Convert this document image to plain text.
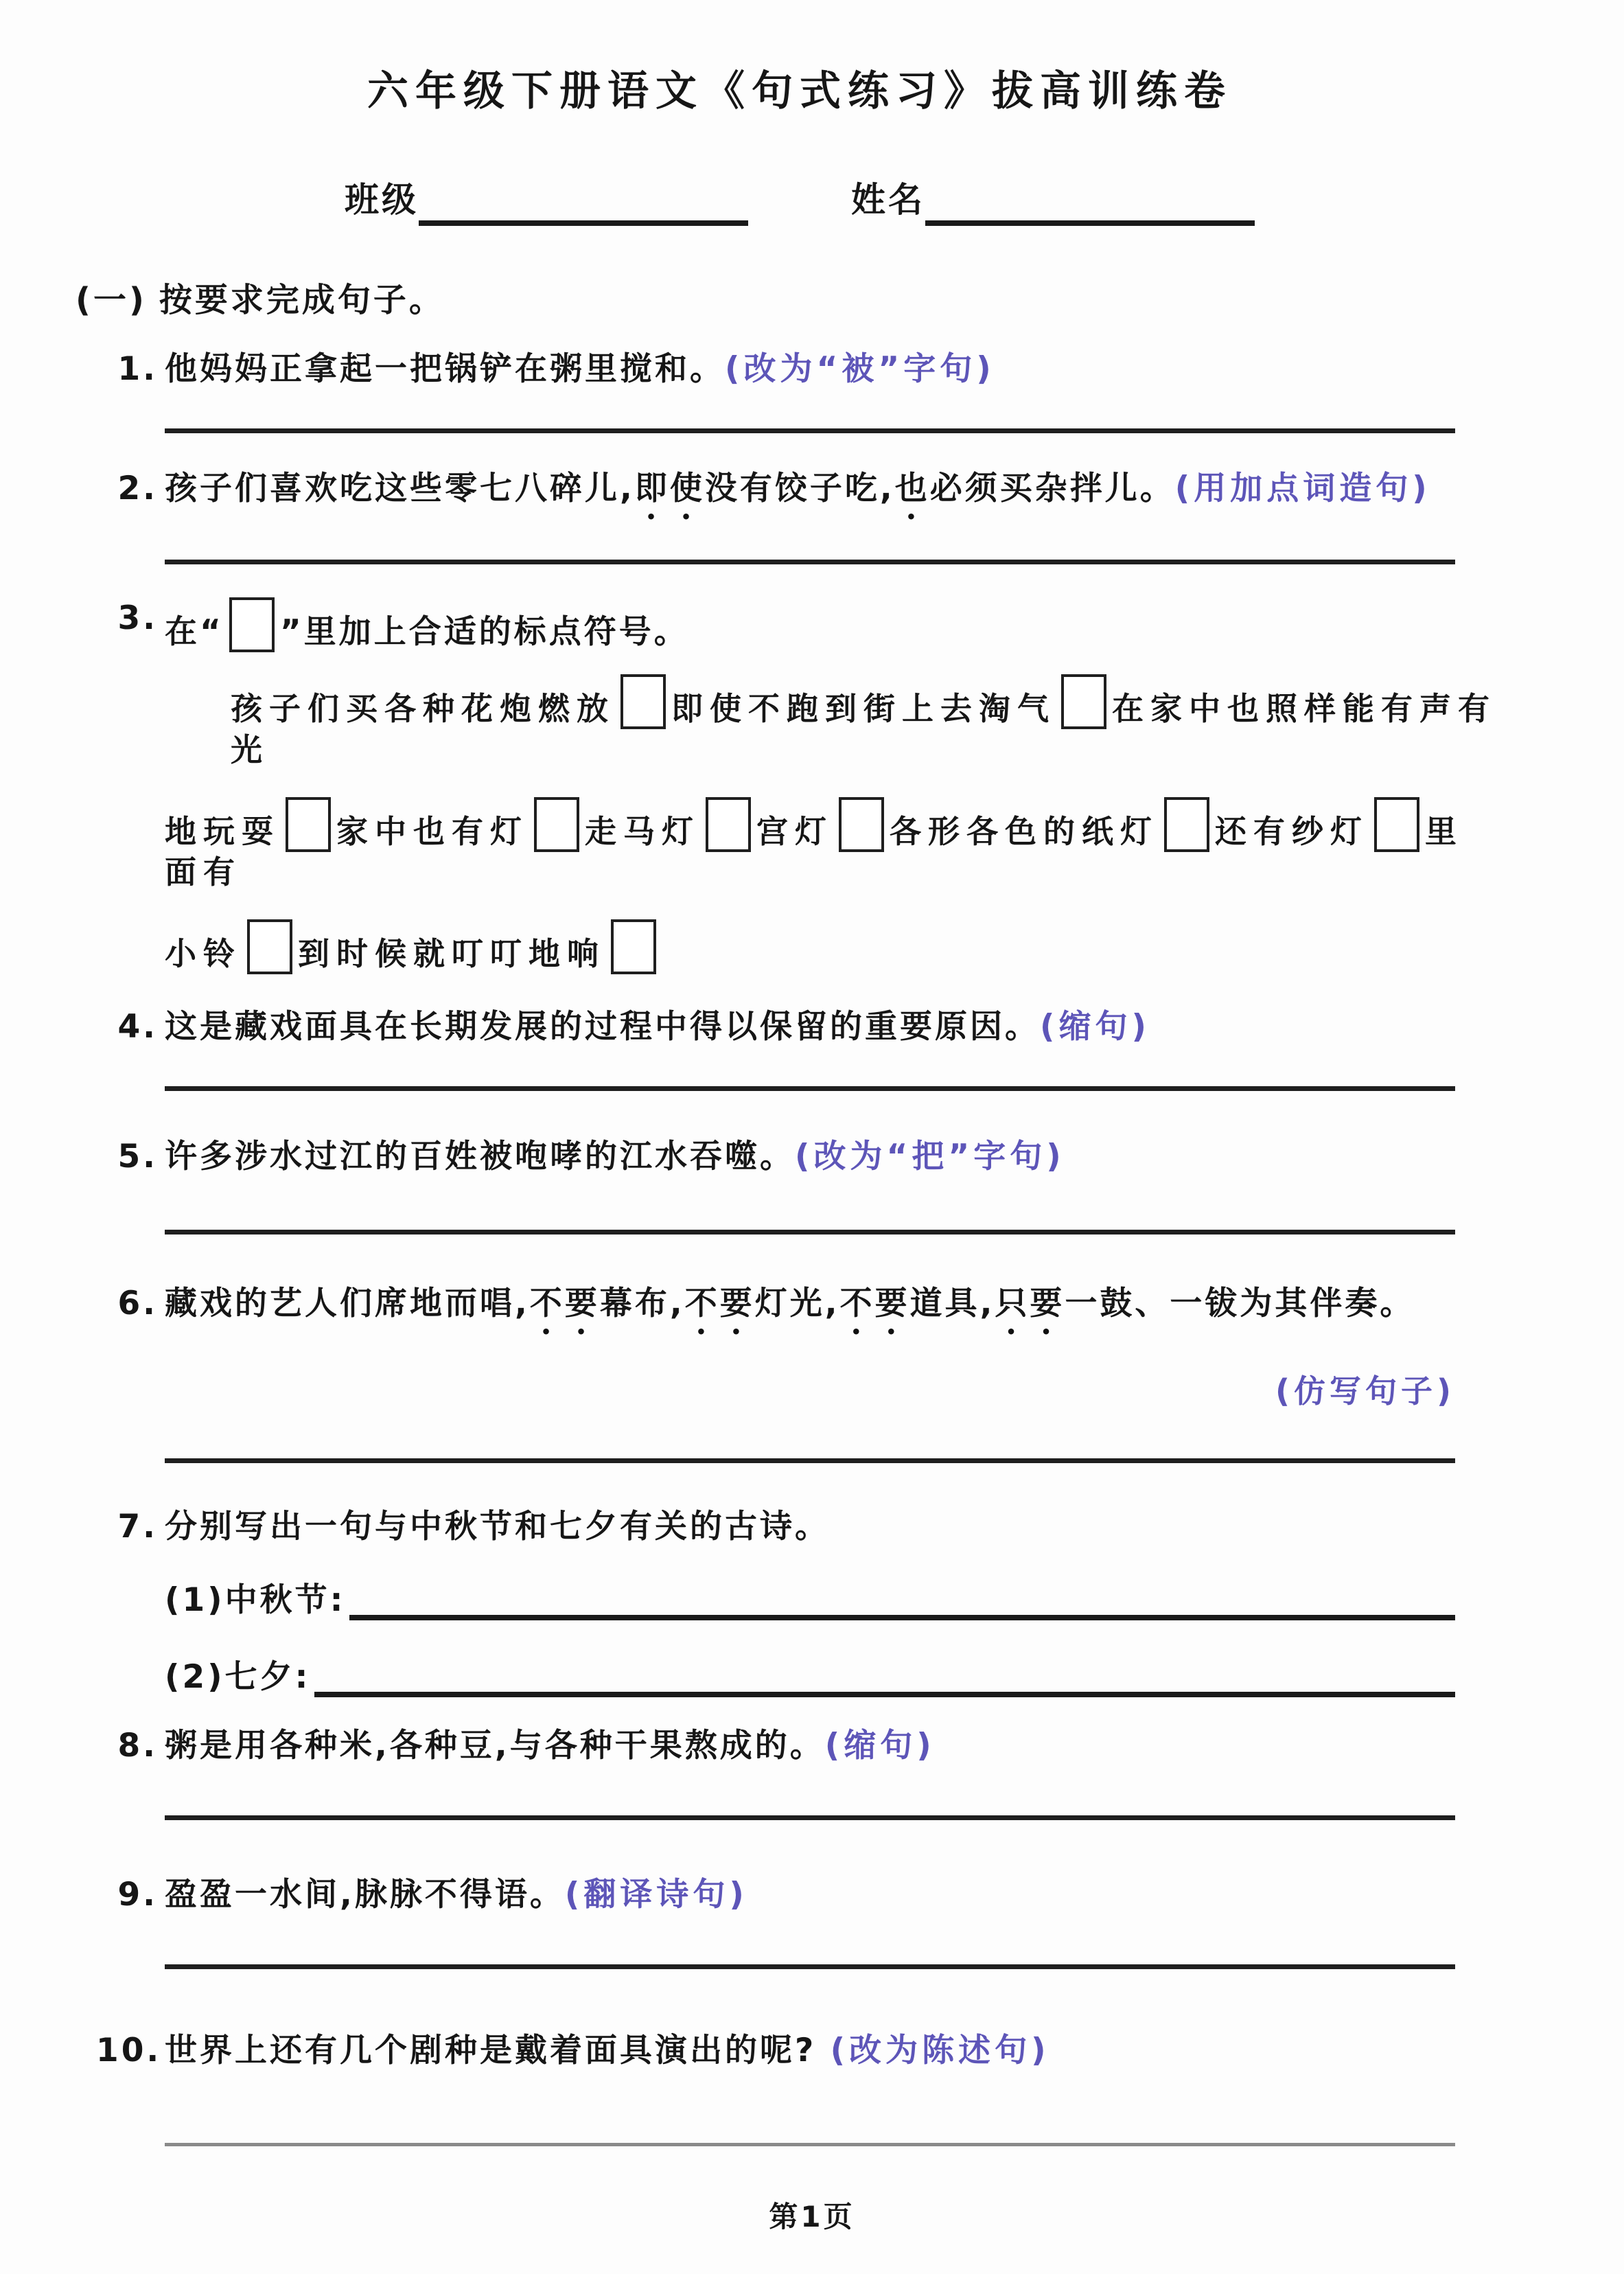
六年级下册语文《句式练习》拔高训练卷
班级	姓名
(一) 按要求完成句子。
1. 他妈妈正拿起一把锅铲在粥里搅和。(改为“被”字句)
2. 孩子们喜欢吃这些零七八碎儿,即使没有饺子吃,也必须买杂拌儿。(用加点词造句)
3. 在“ ”里加上合适的标点符号。
孩子们买各种花炮燃放 即使不跑到街上去淘气 在家中也照样能有声有光
地玩耍 家中也有灯 走马灯 宫灯 各形各色的纸灯 还有纱灯 里面有
小铃 到时候就叮叮地响
4. 这是藏戏面具在长期发展的过程中得以保留的重要原因。(缩句)
5. 许多涉水过江的百姓被咆哮的江水吞噬。(改为“把”字句)
6. 藏戏的艺人们席地而唱,不要幕布,不要灯光,不要道具,只要一鼓、一钹为其伴奏。
(仿写句子)
7. 分别写出一句与中秋节和七夕有关的古诗。
(1)中秋节:
(2)七夕:
8. 粥是用各种米,各种豆,与各种干果熬成的。(缩句)
9. 盈盈一水间,脉脉不得语。(翻译诗句)
10. 世界上还有几个剧种是戴着面具演出的呢? (改为陈述句)
第1页
